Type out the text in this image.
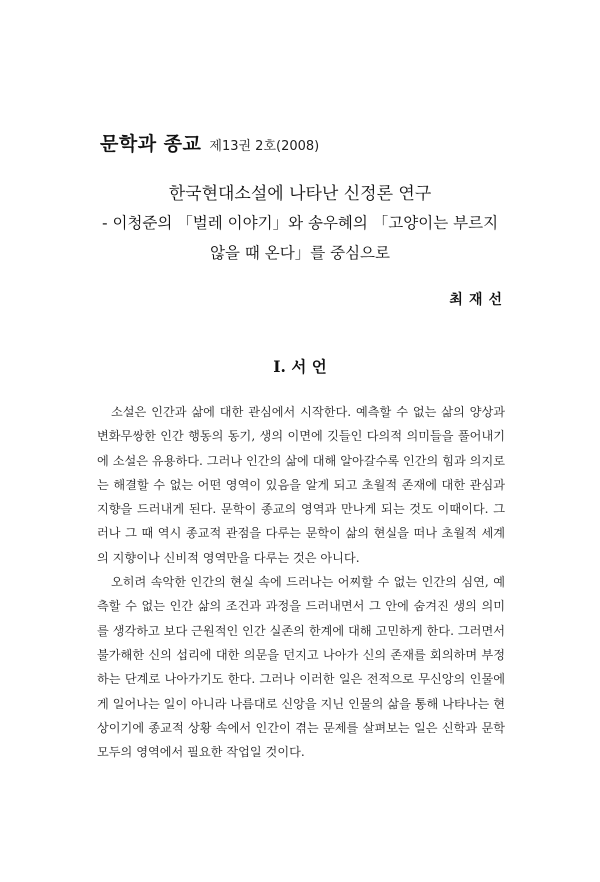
문학과 종교 제13권 2호(2008)
한국현대소설에 나타난 신정론 연구
- 이청준의 「벌레 이야기」와 송우혜의 「고양이는 부르지
않을 때 온다」를 중심으로
최재선
I. 서 언

소설은 인간과 삶에 대한 관심에서 시작한다. 예측할 수 없는 삶의 양상과 변화무쌍한 인간 행동의 동기, 생의 이면에 깃들인 다의적 의미들을 풀어내기에 소설은 유용하다. 그러나 인간의 삶에 대해 알아갈수록 인간의 힘과 의지로는 해결할 수 없는 어떤 영역이 있음을 알게 되고 초월적 존재에 대한 관심과 지향을 드러내게 된다. 문학이 종교의 영역과 만나게 되는 것도 이때이다. 그러나 그 때 역시 종교적 관점을 다루는 문학이 삶의 현실을 떠나 초월적 세계의 지향이나 신비적 영역만을 다루는 것은 아니다.

오히려 속악한 인간의 현실 속에 드러나는 어찌할 수 없는 인간의 심연, 예측할 수 없는 인간 삶의 조건과 과정을 드러내면서 그 안에 숨겨진 생의 의미를 생각하고 보다 근원적인 인간 실존의 한계에 대해 고민하게 한다. 그러면서 불가해한 신의 섭리에 대한 의문을 던지고 나아가 신의 존재를 회의하며 부정하는 단계로 나아가기도 한다. 그러나 이러한 일은 전적으로 무신앙의 인물에게 일어나는 일이 아니라 나름대로 신앙을 지닌 인물의 삶을 통해 나타나는 현상이기에 종교적 상황 속에서 인간이 겪는 문제를 살펴보는 일은 신학과 문학 모두의 영역에서 필요한 작업일 것이다.
